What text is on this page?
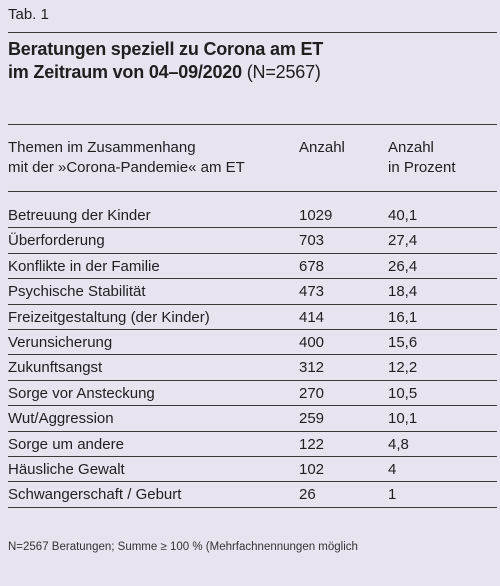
Tab. 1
Beratungen speziell zu Corona am ET
im Zeitraum von 04–09/2020 (N=2567)
Themen im Zusammenhang
mit der »Corona-Pandemie« am ET
Anzahl	Anzahl
in Prozent
Betreuung der Kinder	1029	40,1
Überforderung	703	27,4
Konflikte in der Familie	678	26,4
Psychische Stabilität	473	18,4
Freizeitgestaltung (der Kinder)	414	16,1
Verunsicherung	400	15,6
Zukunftsangst	312	12,2
Sorge vor Ansteckung	270	10,5
Wut/Aggression	259	10,1
Sorge um andere	122	4,8
Häusliche Gewalt	102	4
Schwangerschaft / Geburt	26	1
N=2567 Beratungen; Summe ≥ 100 % (Mehrfachnennungen möglich
